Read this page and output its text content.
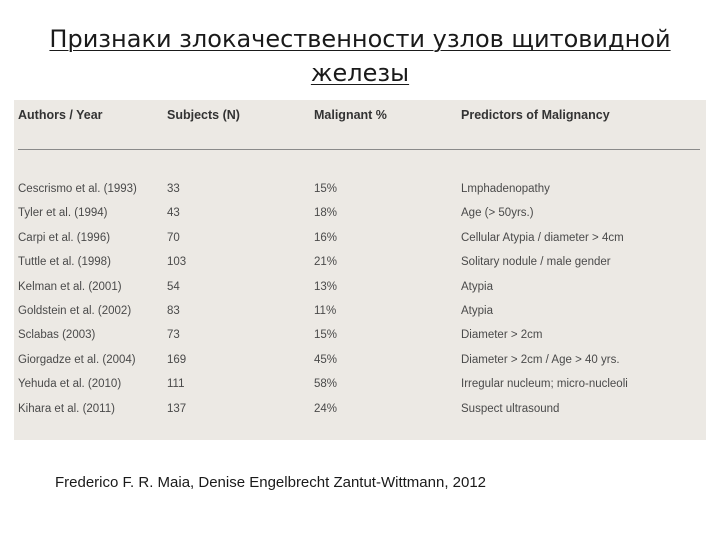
Признаки злокачественности узлов щитовидной железы
Authors / Year	Subjects (N)	Malignant %	Predictors of Malignancy
Cescrismo et al. (1993)	33	15%	Lmphadenopathy
Tyler et al. (1994)	43	18%	Age (> 50yrs.)
Carpi et al. (1996)	70	16%	Cellular Atypia / diameter > 4cm
Tuttle et al. (1998)	103	21%	Solitary nodule / male gender
Kelman et al. (2001)	54	13%	Atypia
Goldstein et al. (2002)	83	11%	Atypia
Sclabas (2003)	73	15%	Diameter > 2cm
Giorgadze et al. (2004)	169	45%	Diameter > 2cm / Age > 40 yrs.
Yehuda et al. (2010)	111	58%	Irregular nucleum; micro-nucleoli
Kihara et al. (2011)	137	24%	Suspect ultrasound
Frederico F. R. Maia, Denise Engelbrecht Zantut-Wittmann, 2012
